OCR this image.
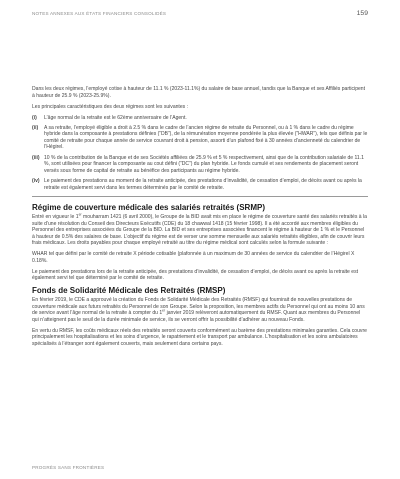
NOTES ANNEXES AUX ÉTATS FINANCIERS CONSOLIDÉS	159

Dans les deux régimes, l’employé cotise à hauteur de 11.1 % (2023-11.1%) du salaire de base annuel, tandis que la Banque et ses Affiliés participent à hauteur de 25.9 % (2023-25.9%).

Les principales caractéristiques des deux régimes sont les suivantes :

(i)	L’âge normal de la retraite est le 62ème anniversaire de l’Agent.
(ii)	A sa retraite, l’employé éligible a droit à 2.5 % dans le cadre de l’ancien régime de retraite du Personnel, ou à 1 % dans le cadre du régime hybride dans la composante à prestations définies (“DB”), de la rémunération moyenne pondérée la plus élevée (“HWAR”), tels que définis par le comité de retraite pour chaque année de service couvrant droit à pension, assorti d’un plafond fixé à 30 années d’ancienneté du calendrier de l’Hégirel.
(iii) 10 % de la contribution de la Banque et de ses Sociétés affiliées de 25.9 % et 5 % respectivement, ainsi que de la contribution salariale de 11.1 %, sont utilisées pour financer la composante au cout défini (“DC”) du plan hybride. Le fonds cumulé et ses rendements de placement seront versés sous forme de capital de retraite au bénéfice des participants au régime hybride.
(iv) Le paiement des prestations au moment de la retraite anticipée, des prestations d’invalidité, de cessation d’emploi, de décès avant ou après la retraite est également servi dans les termes déterminés par le comité de retraite.
Régime de couverture médicale des salariés retraités (SRMP)

Entré en vigueur le 1er mouharram 1421 (6 avril 2000), le Groupe de la BID avait mis en place le régime de couverture santé des salariés retraités à la suite d’une résolution du Conseil des Directeurs Exécutifs (CDE) du 18 chawwal 1418 (15 février 1998). Il a été accordé aux membres éligibles du Personnel des entreprises associées du Groupe de la BID. La BID et ses entreprises associées financent le régime à hauteur de 1 % et le Personnel à hauteur de 0.5% des salaires de base. L’objectif du régime est de verser une somme mensuelle aux salariés retraités éligibles, afin de couvrir leurs frais médicaux. Les droits payables pour chaque employé retraité au titre du régime médical sont calculés selon la formule suivante :

WHAR tel que défini par le comité de retraite X période cotisable (plafonnée à un maximum de 30 années de service du calendrier de l’Hégirel X 0.18%.

Le paiement des prestations lors de la retraite anticipée, des prestations d’invalidité, de cessation d’emploi, de décès avant ou après la retraite est également servi tel que déterminé par le comité de retraite.

Fonds de Solidarité Médicale des Retraités (RMSP)

En février 2019, le CDE a approuvé la création du Fonds de Solidarité Médicale des Retraités (RMSF) qui fournirait de nouvelles prestations de couverture médicale aux futurs retraités du Personnel de son Groupe. Selon la proposition, les membres actifs du Personnel qui ont au moins 10 ans de service avant l’âge normal de la retraite à compter du 1er janvier 2019 relèveront automatiquement du RMSF. Quant aux membres du Personnel qui n’atteignent pas le seuil de la durée minimale de service, ils se verront offrir la possibilité d’adhérer au nouveau Fonds.

En vertu du RMSF, les coûts médicaux réels des retraités seront couverts conformément au barème des prestations minimales garanties. Cela couvre principalement les hospitalisations et les soins d’urgence, le rapatriement et le transport par ambulance. L’hospitalisation et les soins ambulatoires spécialisés à l’étranger sont également couverts, mais seulement dans certains pays.

PROGRÈS SANS FRONTIÈRES
